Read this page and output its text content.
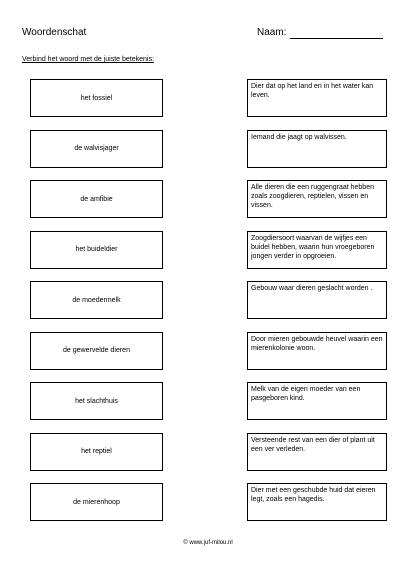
Woordenschat	Naam:
Verbind het woord met de juiste betekenis:
het fossiel
de walvisjager
de amfibie
het buideldier
de moedermelk
de gewervelde dieren
het slachthuis
het reptiel
de mierenhoop
Dier dat op het land en in het water kan leven.
Iemand die jaagt op walvissen.
Alle dieren die een ruggengraat hebben zoals zoogdieren, reptielen, vissen en vissen.
Zoogdiersoort waarvan de wijfjes een buidel hebben, waarin hun vroegeboren jongen verder in opgroeien.
Gebouw waar dieren geslacht worden .
Door mieren gebouwde heuvel waarin een mierenkolonie woon.
Melk van de eigen moeder van een pasgeboren kind.
Versteende rest van een dier of plant uit een ver verleden.
Dier met een geschubde huid dat eieren legt, zoals een hagedis.
© www.juf-milou.nl
